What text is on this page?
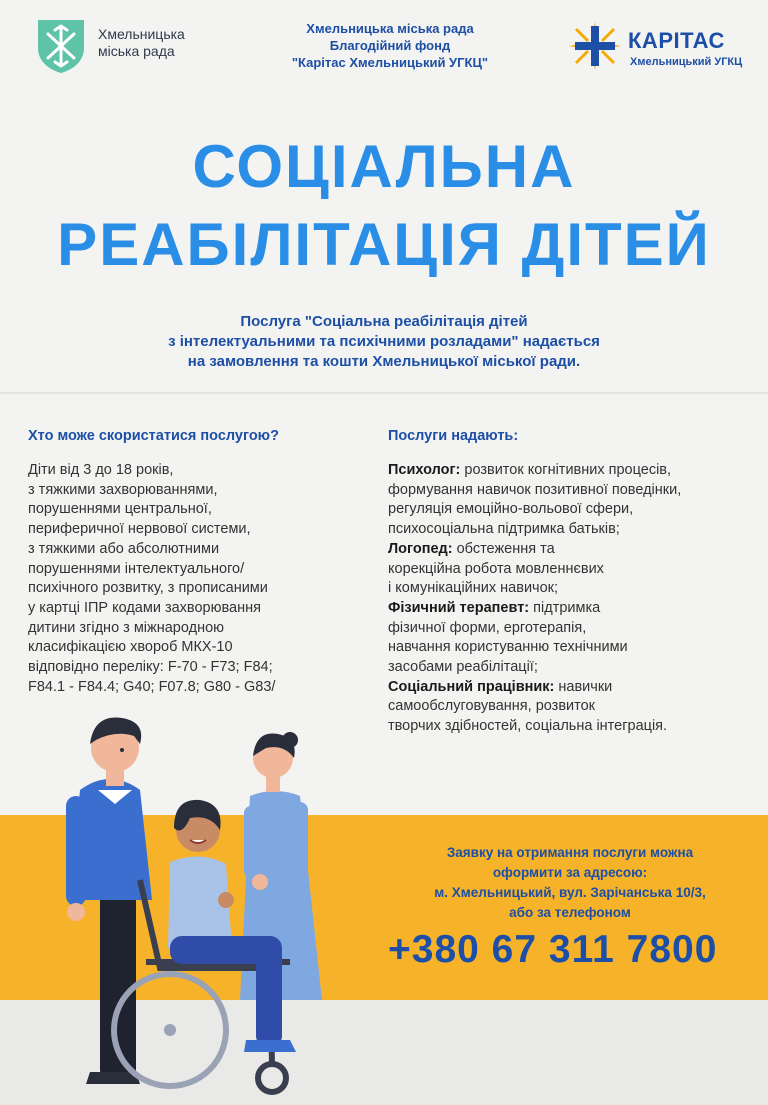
Хмельницька
міська рада
Хмельницька міська рада
Благодійний фонд
"Карітас Хмельницький УГКЦ"
КАРІТАС
Хмельницький УГКЦ
СОЦІАЛЬНА
РЕАБІЛІТАЦІЯ ДІТЕЙ
Послуга "Соціальна реабілітація дітей
з інтелектуальними та психічними розладами" надається
на замовлення та кошти Хмельницької міської ради.
Хто може скористатися послугою?
Діти від 3 до 18 років,
з тяжкими захворюваннями,
порушеннями центральної,
периферичної нервової системи,
з тяжкими або абсолютними
порушеннями інтелектуального/
психічного розвитку, з прописаними
у картці ІПР кодами захворювання
дитини згідно з міжнародною
класифікацією хвороб МКХ-10
відповідно переліку: F-70 - F73; F84;
F84.1 - F84.4; G40; F07.8; G80 - G83/
Послуги надають:
Психолог: розвиток когнітивних процесів,
формування навичок позитивної поведінки,
регуляція емоційно-вольової сфери,
психосоціальна підтримка батьків;
Логопед: обстеження та
корекційна робота мовленнєвих
і комунікаційних навичок;
Фізичний терапевт: підтримка
фізичної форми, ерготерапія,
навчання користуванню технічними
засобами реабілітації;
Соціальний працівник: навички
самообслуговування, розвиток
творчих здібностей, соціальна інтеграція.
Заявку на отримання послуги можна
оформити за адресою:
м. Хмельницький, вул. Зарічанська 10/3,
або за телефоном
+380 67 311 7800
